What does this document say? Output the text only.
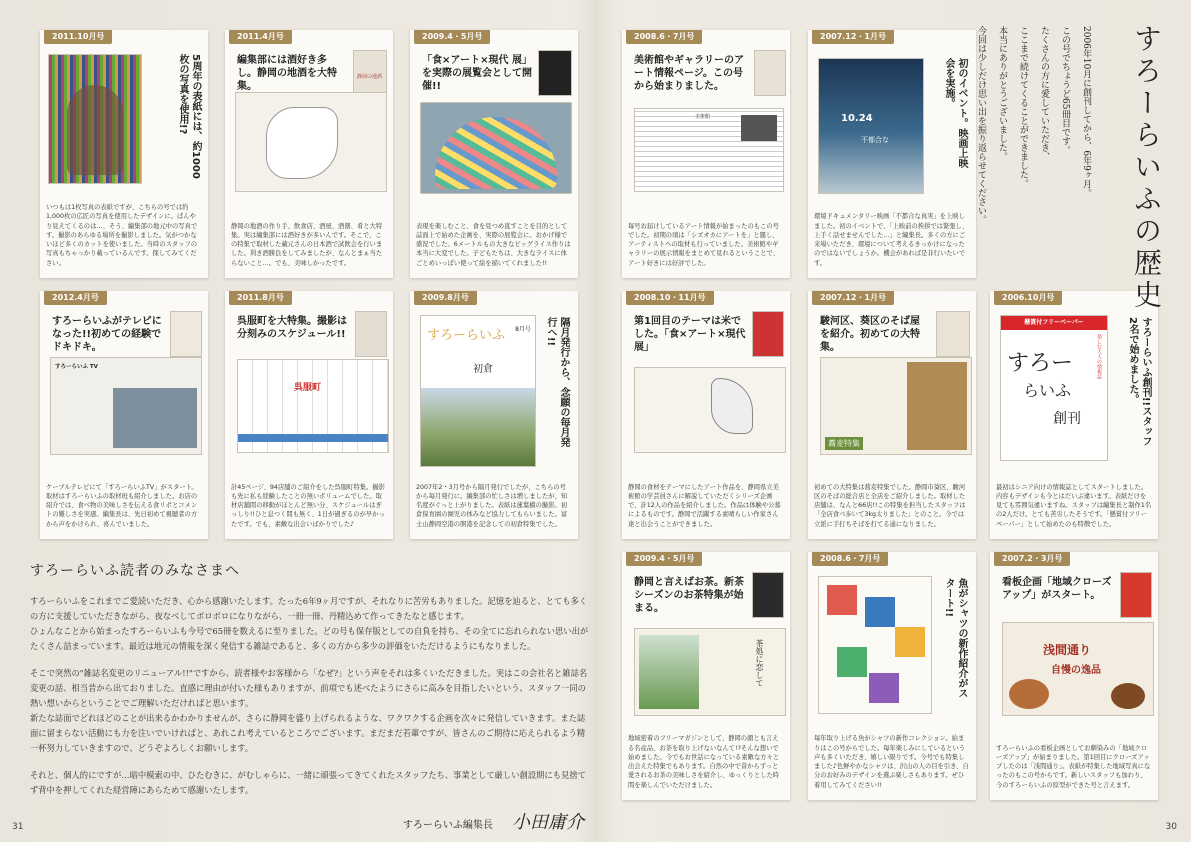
2011.10月号
5周年の表紙には、約1000枚の写真を使用!?
いつもは1枚写真の表紙ですが、こちらの号では約1,000枚の広匠の写真を使用したデザインに。ぱんやり見えてくるのは…、そう、編集部の地元中の写真です。撮影のあらゆる場所を撮影しました。気がつかないほど多くのカットを使いました。当時のスタッフの写真もちゃっかり載っているんです。探してみてください。
2011.4月号
編集部には酒好き多し。静岡の地酒を大特集。
静岡の地酒
静岡の地酒の作り手、飲食店、酒屋、酒器、肴と大特集。実は編集部には酒好きが多いんです。そこで、この特集で取材した蔵元さんの日本酒で試飲会を行いました。利き酒勝負をしてみましたが、なんとまぁ当たらないこと…。でも、美味しかったです。
2009.4・5月号
「食×アート×現代 展」を実際の展覧会として開催!!
表現を楽しむこと、食を見つめ直すことを目的として誌面上で始めた企画を、実際の展覧会に。おかげ様で盛況でした。6メートルもの大きなビッグライス作りは本当に大変でした。子どもたちは、大きなライスに体ごとめいっぱい使って絵を描いてくれました!!
2008.6・7月号
美術館やギャラリーのアート情報ページ。この号から始まりました。
美術館
毎号お届けしているアート情報が始まったのもこの号でした。初期の頃は「シズオカにアートを」と題し、アーティストへの取材も行っていました。美術館やギャラリーの展示情報をまとめて見れるということで、アート好きには好評でした。
2007.12・1月号
10.24
不都合な	初のイベント。映画上映会を実施。
環境ドキュメンタリー映画「不都合な真実」を上映しました。初のイベントで、「上映前の挨拶では緊張し、上手く話せませんでした…」と編集長。多くの方にご来場いただき、環境について考えるきっかけになったのではないでしょうか。機会があれば是非行いたいです。
2012.4月号
すろーらいふがテレビになった!!初めての経験でドキドキ。
すろーらいふ TV
ケーブルテレビにて「すろーらいふTV」がスタート。取材はすろーらいふの取材班も紹介しました。お店の紹介では、食べ物の美味しさを伝える食リポとコメントの難しさを実感。編集長は、先日初めて視聴者の方から声をかけられ、喜んでいました。
2011.8月号
呉服町を大特集。撮影は分刻みのスケジュール!!
呉服町
計45ページ、94店舗のご紹介をした呉服町特集。撮影も先に私も経験したことの無いボリュームでした。取材店舗間の移動がほとんど無い分、スケジュールはぎっしり!!ひと息つく間も無く、1日が過ぎるのが早かったです。でも、素敵な出会いばかりでした♪
2009.8月号
すろーらいふ 8月号
初倉	隔月発行から、念願の毎月発行へ!!
2007年2・3月号から隔月発行でしたが、こちらの号から毎月発行に。編集部の忙しさは増しましたが、知名度がぐっと上がりました。表紙は蓮葉橋の撮影。初倉保育園の園児の体みなど協力してもらいました。富士山静岡空港の開港を記念しての初倉特集でした。
2008.10・11月号
第1回目のテーマは米でした。「食×アート×現代 展」
静岡の食材をテーマにしたアート作品を、静岡県立美術館の学芸員さんに解説していただくシリーズ企画で、計12人の作品を紹介しました。作品は体験や公募によるものです。静岡で活躍する素晴らしい作家さん達と出会うことができました。
2007.12・1月号
駿河区、葵区のそば屋を紹介。初めての大特集。
蕎麦特集
初めての大特集は蕎麦特集でした。静岡市葵区、駿河区のそばの総合店と全店をご紹介しました。取材した店舗は、なんと66店!!この特集を担当したスタッフは「全店食べ歩いて3kg太りました」とのこと。今では立派に手打ちそばを打てる通になりました。
2006.10月号
懸賞付フリーペーパー
楽しむ大人の情報誌
すろー
らいふ
創刊	すろーらいふ創刊!!スタッフ2名で始めました。
最初はシニア向けの情報誌としてスタートしました。内容もデザインも今とはだいぶ違います。表紙だけを見ても雰囲気違いますね。スタッフは編集長と制作1名の2人だけ。とても苦労したそうです。「懸賞付フリーペーパー」として始めたのも特徴でした。
2009.4・5月号
静岡と言えばお茶。新茶シーズンのお茶特集が始まる。
茶処に恋して
地域密着のフリーマガジンとして、静岡の顔とも言える名産品、お茶を取り上げないなんて!?そんな想いで始めました。今でもお世話になっている素敵な方々と出会えた特集でもあります。自然の中で昔からずっと愛されるお茶の美味しさを紹介し、ゆっくりとした時間を楽しんでいただけました。
2008.6・7月号
魚がシャツの新作紹介がスタート!!
毎年取り上げる魚がシャツの新作コレクション。始まりはこの号からでした。毎年楽しみにしているという声も多くいただき、嬉しい限りです。今号でも特集しました♪色鮮やかなシャツは、沢山の人の目を引き、自分のお好みのデザインを選ぶ楽しさもあります。ぜひ着用してみてください!!
2007.2・3月号
看板企画「地域クローズアップ」がスタート。
浅間通り
自慢の逸品
すろーらいふの看板企画としてお馴染みの「地域クローズアップ」が始まりました。第1回目にクローズアップしたのは「浅間通り」。表紙が特集した地域写真になったのもこの号からです。新しいスタッフも加わり、今のすろーらいふの原型ができた号と言えます。
すろーらいふの歴史
2006年10月に創刊してから、6年9ヶ月。
この号でちょうど65冊目です。
たくさんの方に愛していただき、
ここまで続けてくることができました。
本当にありがとうございました。
今回は少しだけ思い出を振り返らせてください。
すろーらいふ読者のみなさまへ

すろーらいふをこれまでご愛読いただき、心から感謝いたします。たった6年9ヶ月ですが、それなりに苦労もありました。記憶を辿ると、とても多くの方に支援していただきながら、夜なべしてボロボロになりながら、一冊一冊、丹精込めて作ってきたなと感じます。

ひょんなことから始まったすろーらいふも今号で65冊を数えるに至りました。どの号も保存版としての自負を持ち、その全てに忘れられない思い出がたくさん詰まっています。最近は地元の情報を深く発信する雑誌であると、多くの方から多少の評価をいただけるようにもなりました。

そこで突然の"雑誌名変更のリニューアル!!"ですから、読者様やお客様から「なぜ?」という声をそれは多くいただきました。実はこの会社名と雑誌名変更の話、相当昔から出ておりました。直感に理由が付いた様もありますが、前項でも述べたようにさらに高みを目指したいという、スタッフ一同の熱い想いからということでご理解いただければと思います。

新たな誌面でどれほどのことが出来るかわかりませんが、さらに静岡を盛り上げられるような、ワクワクする企画を次々に発信していきます。また誌面に留まらない活動にも力を注いでいければと、あれこれ考えているところでございます。まだまだ若輩ですが、皆さんのご期待に応えられるよう精一杯努力していきますので、どうぞよろしくお願いします。

それと、個人的にですが…暗中模索の中、ひたむきに、がむしゃらに、一緒に頑張ってきてくれたスタッフたち、事業として厳しい創設期にも見捨てず背中を押してくれた経営陣にあらためて感謝いたします。

すろーらいふ編集長 小田庸介
31	30
